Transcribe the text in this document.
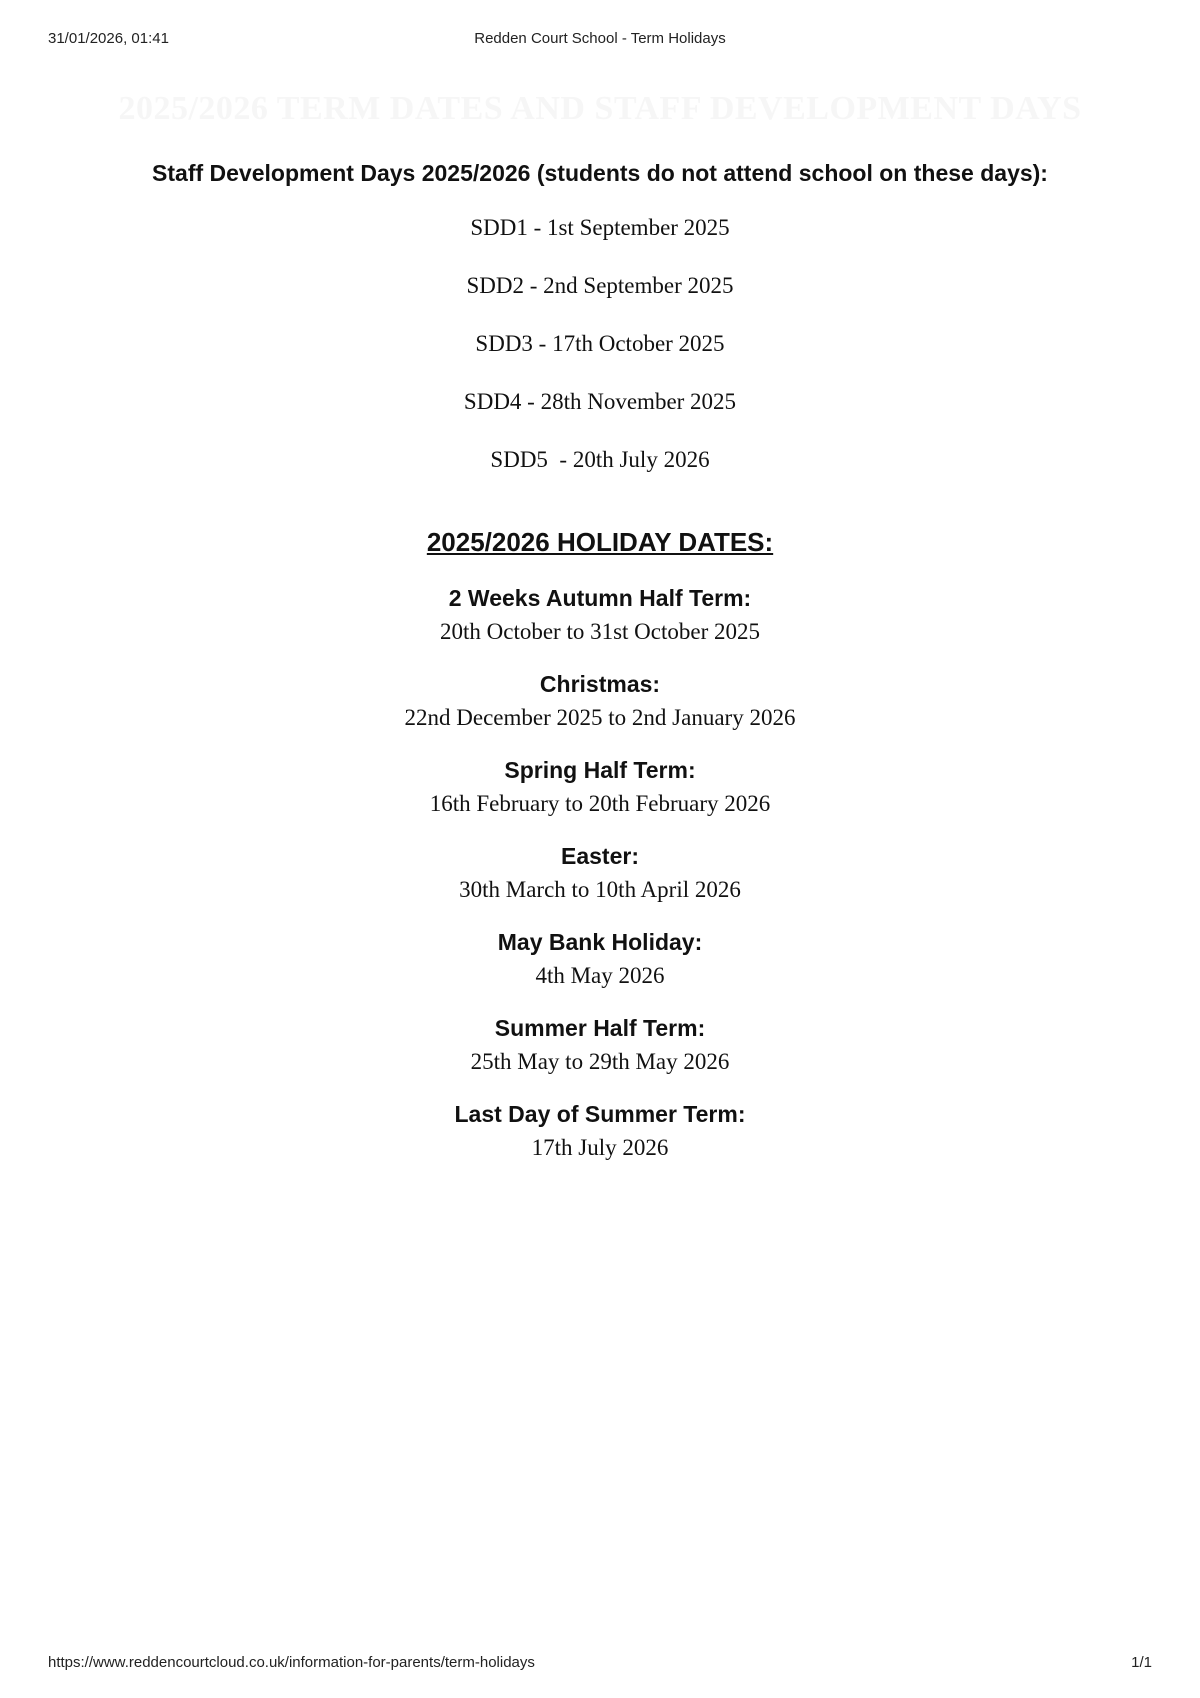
31/01/2026, 01:41	Redden Court School - Term Holidays
2025/2026 TERM DATES AND STAFF DEVELOPMENT DAYS
Staff Development Days 2025/2026 (students do not attend school on these days):
SDD1 - 1st September 2025
SDD2 - 2nd September 2025
SDD3 - 17th October 2025
SDD4 - 28th November 2025
SDD5  - 20th July 2026
2025/2026 HOLIDAY DATES:
2 Weeks Autumn Half Term:
20th October to 31st October 2025
Christmas:
22nd December 2025 to 2nd January 2026
Spring Half Term:
16th February to 20th February 2026
Easter:
30th March to 10th April 2026
May Bank Holiday:
4th May 2026
Summer Half Term:
25th May to 29th May 2026
Last Day of Summer Term:
17th July 2026
https://www.reddencourtcloud.co.uk/information-for-parents/term-holidays	1/1
